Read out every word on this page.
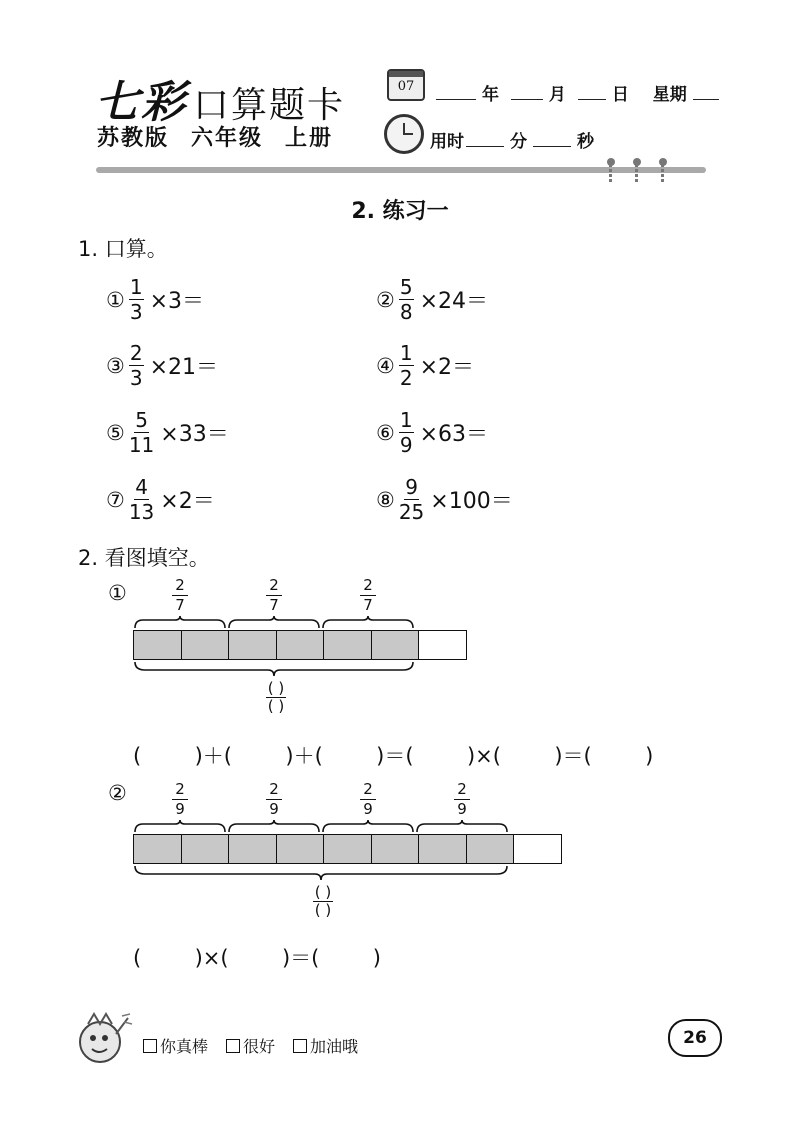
七彩 口算题卡
苏教版 六年级 上册
07	年	月	日 星期
用时	分	秒
2. 练习一
1. 口算。
① $\frac{1}{3} \times 3=$	② $\frac{5}{8} \times 24=$
③ $\frac{2}{3} \times 21=$	④ $\frac{1}{2} \times 2=$
⑤ $\frac{5}{11} \times 33=$	⑥ $\frac{1}{9} \times 63=$
⑦ $\frac{4}{13} \times 2=$	⑧ $\frac{9}{25} \times 100=$
2. 看图填空。
①	$\frac{2}{7}$	$\frac{2}{7}$	$\frac{2}{7}$
( )
( )
(        )＋(        )＋(        )＝(        )×(        )＝(        )
②	$\frac{2}{9}$	$\frac{2}{9}$	$\frac{2}{9}$	$\frac{2}{9}$
( )
( )
(        )×(        )＝(        )
你真棒	很好	加油哦	26
